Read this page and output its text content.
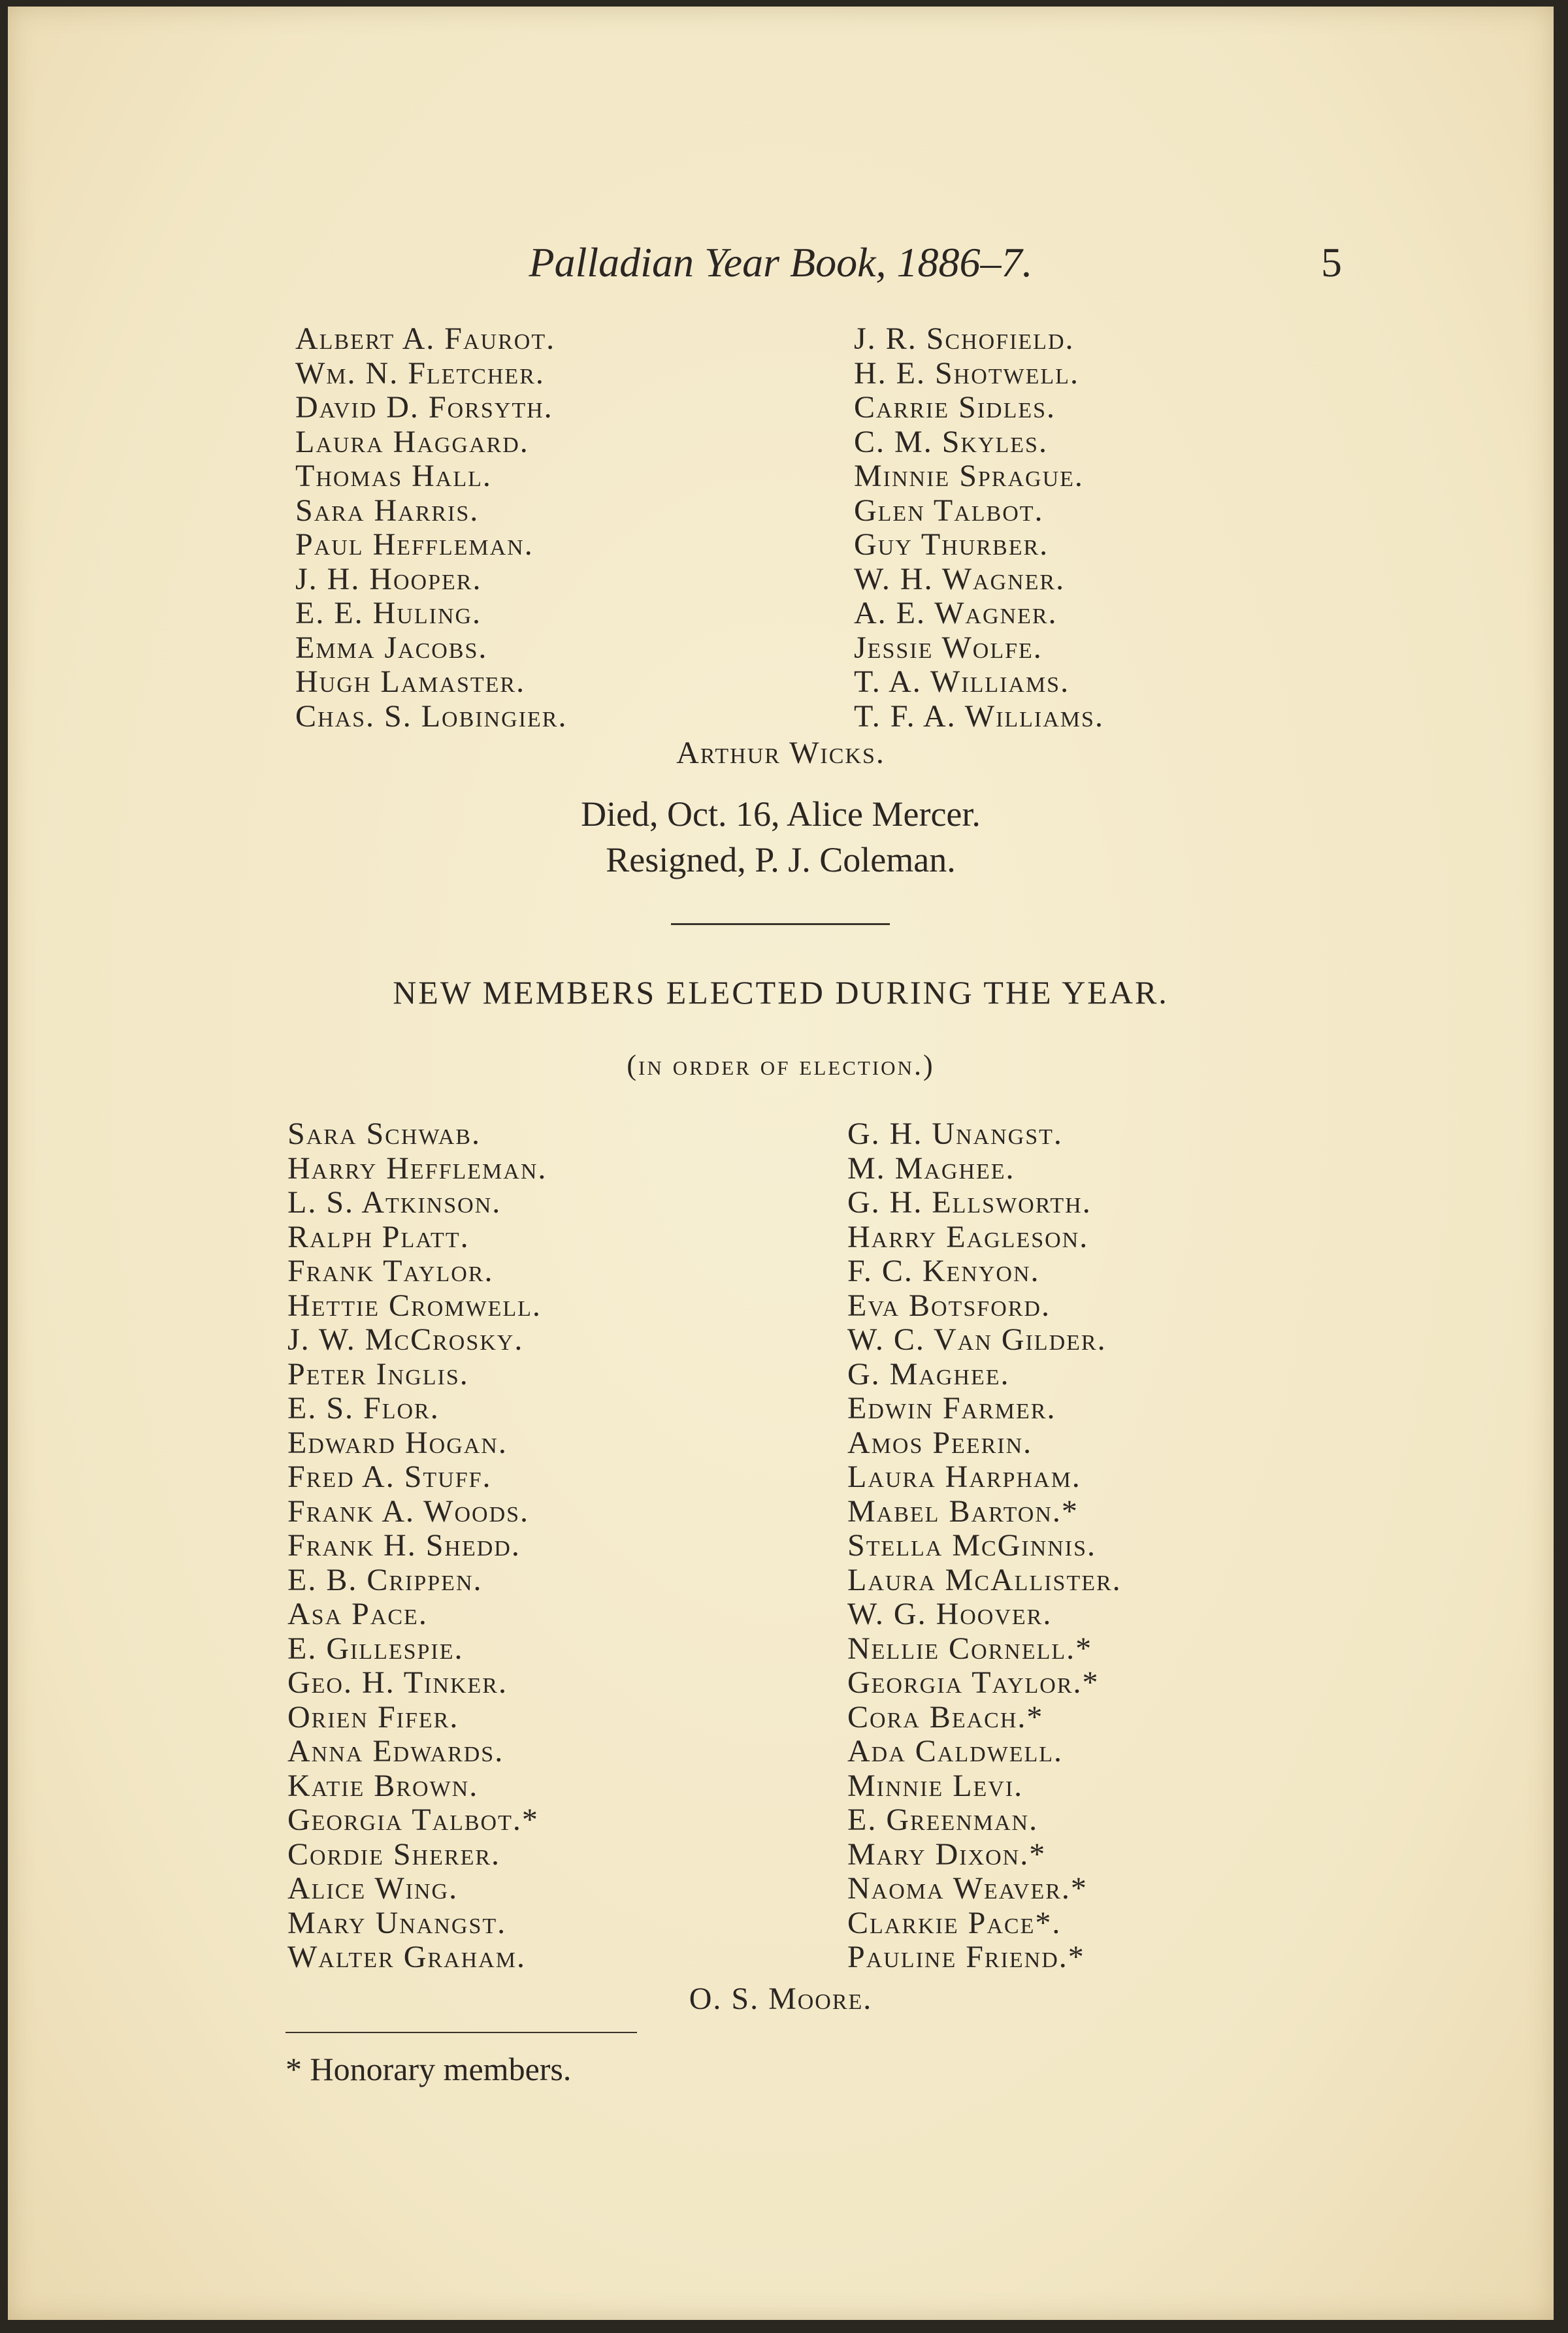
Palladian Year Book, 1886–7.	5
Albert A. Faurot.
Wm. N. Fletcher.
David D. Forsyth.
Laura Haggard.
Thomas Hall.
Sara Harris.
Paul Heffleman.
J. H. Hooper.
E. E. Huling.
Emma Jacobs.
Hugh Lamaster.
Chas. S. Lobingier.
J. R. Schofield.
H. E. Shotwell.
Carrie Sidles.
C. M. Skyles.
Minnie Sprague.
Glen Talbot.
Guy Thurber.
W. H. Wagner.
A. E. Wagner.
Jessie Wolfe.
T. A. Williams.
T. F. A. Williams.
Arthur Wicks.
Died, Oct. 16, Alice Mercer.
Resigned, P. J. Coleman.
NEW MEMBERS ELECTED DURING THE YEAR.
(in order of election.)
Sara Schwab.
Harry Heffleman.
L. S. Atkinson.
Ralph Platt.
Frank Taylor.
Hettie Cromwell.
J. W. McCrosky.
Peter Inglis.
E. S. Flor.
Edward Hogan.
Fred A. Stuff.
Frank A. Woods.
Frank H. Shedd.
E. B. Crippen.
Asa Pace.
E. Gillespie.
Geo. H. Tinker.
Orien Fifer.
Anna Edwards.
Katie Brown.
Georgia Talbot.*
Cordie Sherer.
Alice Wing.
Mary Unangst.
Walter Graham.
G. H. Unangst.
M. Maghee.
G. H. Ellsworth.
Harry Eagleson.
F. C. Kenyon.
Eva Botsford.
W. C. Van Gilder.
G. Maghee.
Edwin Farmer.
Amos Peerin.
Laura Harpham.
Mabel Barton.*
Stella McGinnis.
Laura McAllister.
W. G. Hoover.
Nellie Cornell.*
Georgia Taylor.*
Cora Beach.*
Ada Caldwell.
Minnie Levi.
E. Greenman.
Mary Dixon.*
Naoma Weaver.*
Clarkie Pace*.
Pauline Friend.*
O. S. Moore.
* Honorary members.
